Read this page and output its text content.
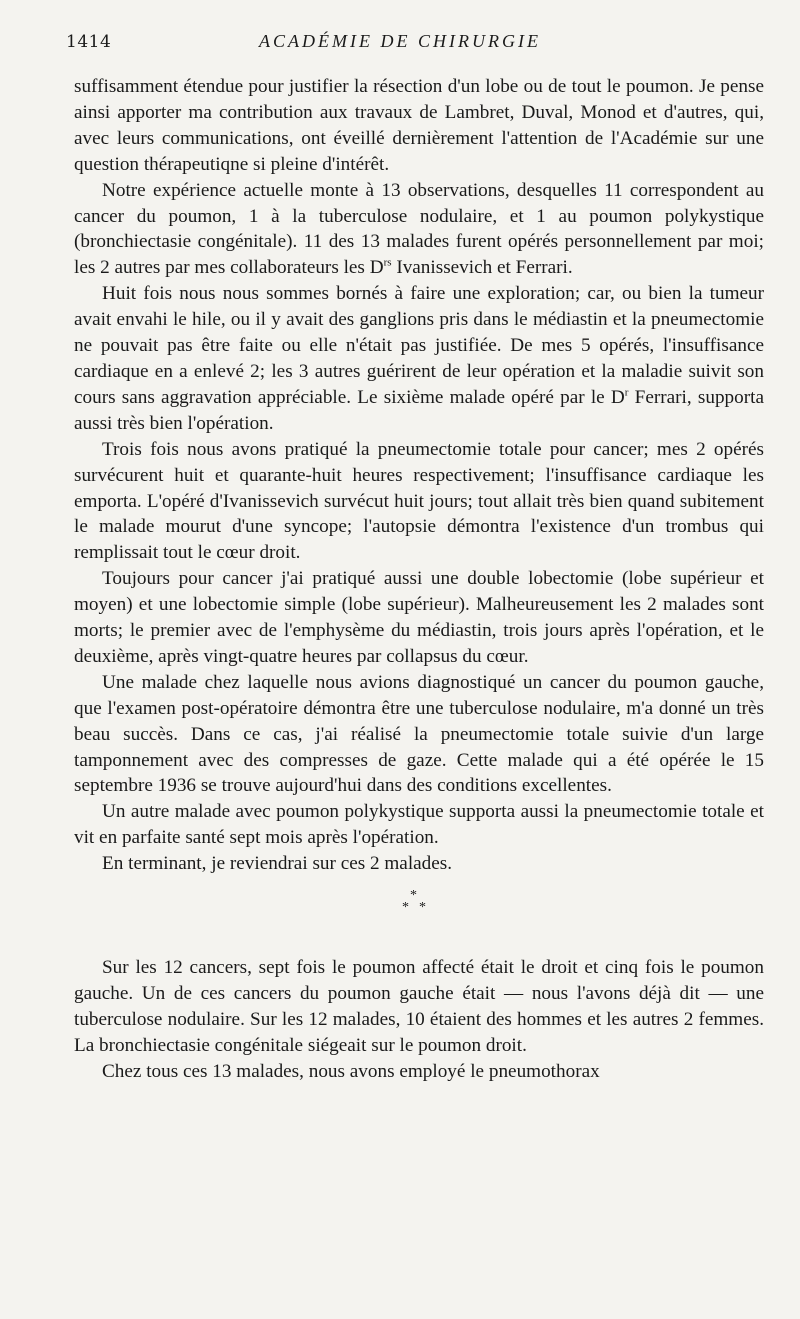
1414	ACADÉMIE DE CHIRURGIE

suffisamment étendue pour justifier la résection d'un lobe ou de tout le poumon. Je pense ainsi apporter ma contribution aux travaux de Lambret, Duval, Monod et d'autres, qui, avec leurs communications, ont éveillé dernièrement l'attention de l'Académie sur une question thérapeutiqne si pleine d'intérêt.

Notre expérience actuelle monte à 13 observations, desquelles 11 correspondent au cancer du poumon, 1 à la tuberculose nodulaire, et 1 au poumon polykystique (bronchiectasie congénitale). 11 des 13 malades furent opérés personnellement par moi; les 2 autres par mes collaborateurs les $D^{rs}$ Ivanissevich et Ferrari.

Huit fois nous nous sommes bornés à faire une exploration; car, ou bien la tumeur avait envahi le hile, ou il y avait des ganglions pris dans le médiastin et la pneumectomie ne pouvait pas être faite ou elle n'était pas justifiée. De mes 5 opérés, l'insuffisance cardiaque en a enlevé 2; les 3 autres guérirent de leur opération et la maladie suivit son cours sans aggravation appréciable. Le sixième malade opéré par le $D^r$ Ferrari, supporta aussi très bien l'opération.

Trois fois nous avons pratiqué la pneumectomie totale pour cancer; mes 2 opérés survécurent huit et quarante-huit heures respectivement; l'insuffisance cardiaque les emporta. L'opéré d'Ivanissevich survécut huit jours; tout allait très bien quand subitement le malade mourut d'une syncope; l'autopsie démontra l'existence d'un trombus qui remplissait tout le cœur droit.

Toujours pour cancer j'ai pratiqué aussi une double lobectomie (lobe supérieur et moyen) et une lobectomie simple (lobe supérieur). Malheureusement les 2 malades sont morts; le premier avec de l'emphysème du médiastin, trois jours après l'opération, et le deuxième, après vingt-quatre heures par collapsus du cœur.

Une malade chez laquelle nous avions diagnostiqué un cancer du poumon gauche, que l'examen post-opératoire démontra être une tuberculose nodulaire, m'a donné un très beau succès. Dans ce cas, j'ai réalisé la pneumectomie totale suivie d'un large tamponnement avec des compresses de gaze. Cette malade qui a été opérée le 15 septembre 1936 se trouve aujourd'hui dans des conditions excellentes.

Un autre malade avec poumon polykystique supporta aussi la pneumectomie totale et vit en parfaite santé sept mois après l'opération.

En terminant, je reviendrai sur ces 2 malades.

*
**

Sur les 12 cancers, sept fois le poumon affecté était le droit et cinq fois le poumon gauche. Un de ces cancers du poumon gauche était — nous l'avons déjà dit — une tuberculose nodulaire. Sur les 12 malades, 10 étaient des hommes et les autres 2 femmes. La bronchiectasie congénitale siégeait sur le poumon droit.

Chez tous ces 13 malades, nous avons employé le pneumothorax
